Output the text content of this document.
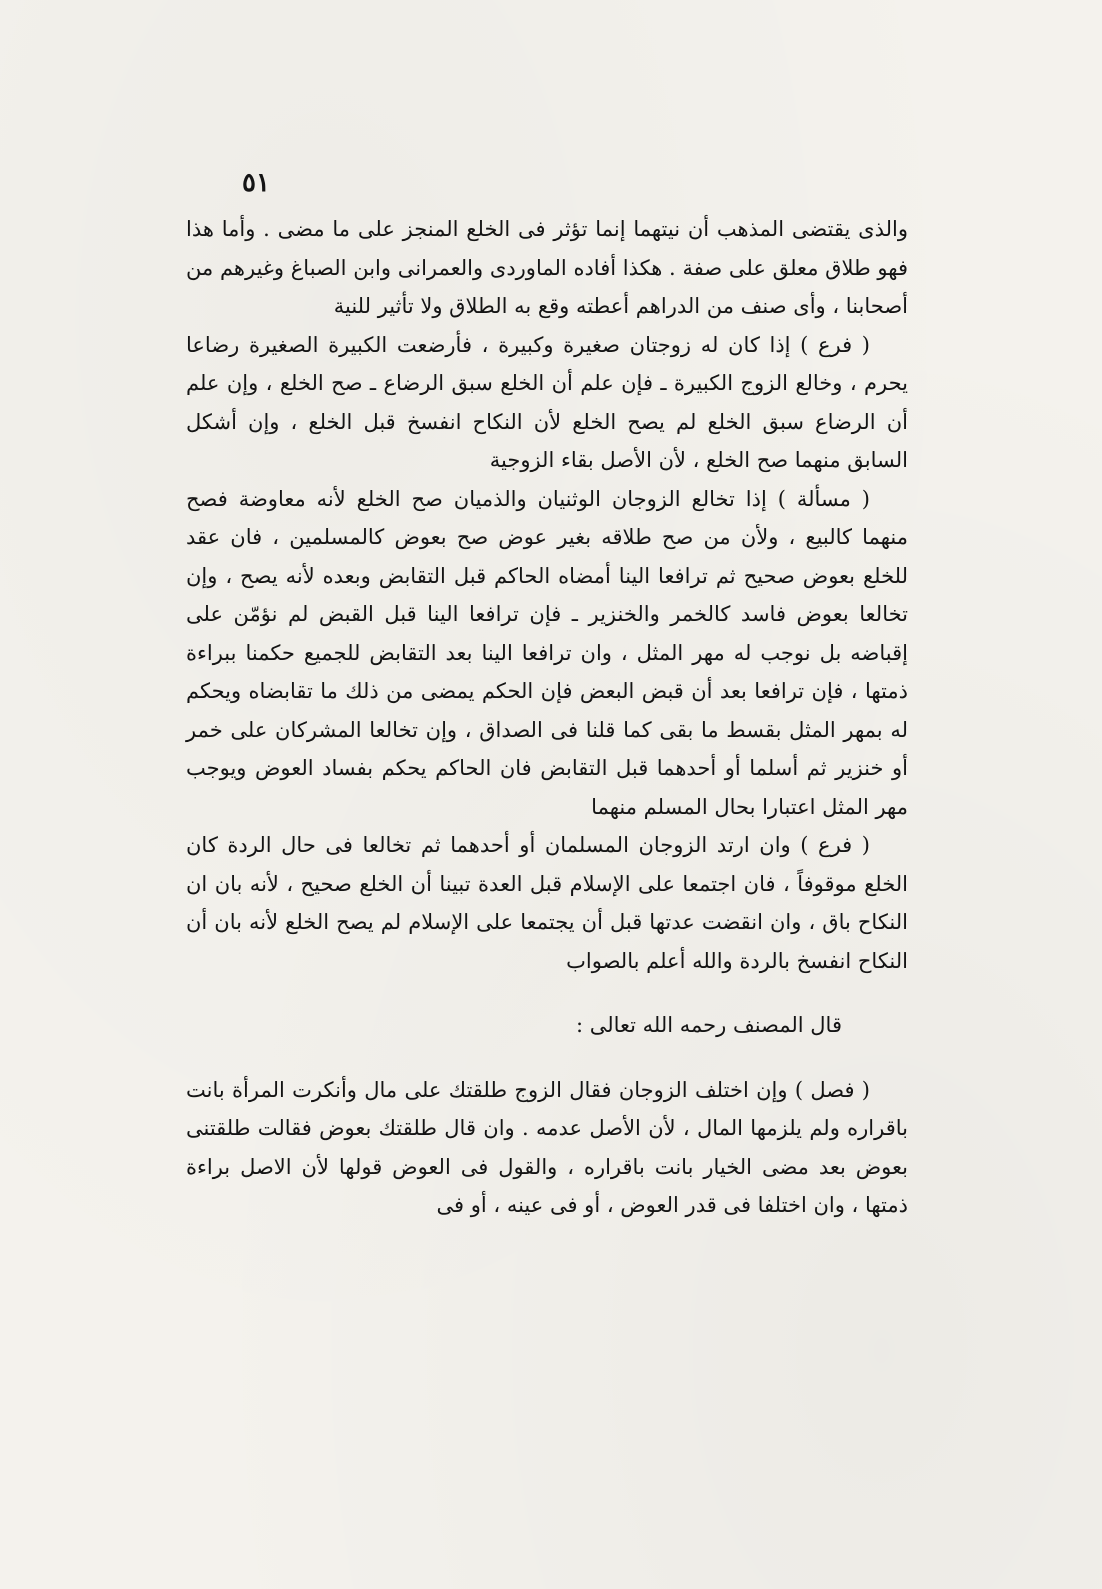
٥١

والذى يقتضى المذهب أن نيتهما إنما تؤثر فى الخلع المنجز على ما مضى . وأما هذا فهو طلاق معلق على صفة . هكذا أفاده الماوردى والعمرانى وابن الصباغ وغيرهم من أصحابنا ، وأى صنف من الدراهم أعطته وقع به الطلاق ولا تأثير للنية

( فرع ) إذا كان له زوجتان صغيرة وكبيرة ، فأرضعت الكبيرة الصغيرة رضاعا يحرم ، وخالع الزوج الكبيرة ـ فإن علم أن الخلع سبق الرضاع ـ صح الخلع ، وإن علم أن الرضاع سبق الخلع لم يصح الخلع لأن النكاح انفسخ قبل الخلع ، وإن أشكل السابق منهما صح الخلع ، لأن الأصل بقاء الزوجية

( مسألة ) إذا تخالع الزوجان الوثنيان والذميان صح الخلع لأنه معاوضة فصح منهما كالبيع ، ولأن من صح طلاقه بغير عوض صح بعوض كالمسلمين ، فان عقد للخلع بعوض صحيح ثم ترافعا الينا أمضاه الحاكم قبل التقابض وبعده لأنه يصح ، وإن تخالعا بعوض فاسد كالخمر والخنزير ـ فإن ترافعا الينا قبل القبض لم نؤمّن على إقباضه بل نوجب له مهر المثل ، وان ترافعا الينا بعد التقابض للجميع حكمنا ببراءة ذمتها ، فإن ترافعا بعد أن قبض البعض فإن الحكم يمضى من ذلك ما تقابضاه ويحكم له بمهر المثل بقسط ما بقى كما قلنا فى الصداق ، وإن تخالعا المشركان على خمر أو خنزير ثم أسلما أو أحدهما قبل التقابض فان الحاكم يحكم بفساد العوض ويوجب مهر المثل اعتبارا بحال المسلم منهما

( فرع ) وان ارتد الزوجان المسلمان أو أحدهما ثم تخالعا فى حال الردة كان الخلع موقوفاً ، فان اجتمعا على الإسلام قبل العدة تبينا أن الخلع صحيح ، لأنه بان ان النكاح باق ، وان انقضت عدتها قبل أن يجتمعا على الإسلام لم يصح الخلع لأنه بان أن النكاح انفسخ بالردة والله أعلم بالصواب

قال المصنف رحمه الله تعالى :

( فصل ) وإن اختلف الزوجان فقال الزوج طلقتك على مال وأنكرت المرأة بانت باقراره ولم يلزمها المال ، لأن الأصل عدمه . وان قال طلقتك بعوض فقالت طلقتنى بعوض بعد مضى الخيار بانت باقراره ، والقول فى العوض قولها لأن الاصل براءة ذمتها ، وان اختلفا فى قدر العوض ، أو فى عينه ، أو فى
